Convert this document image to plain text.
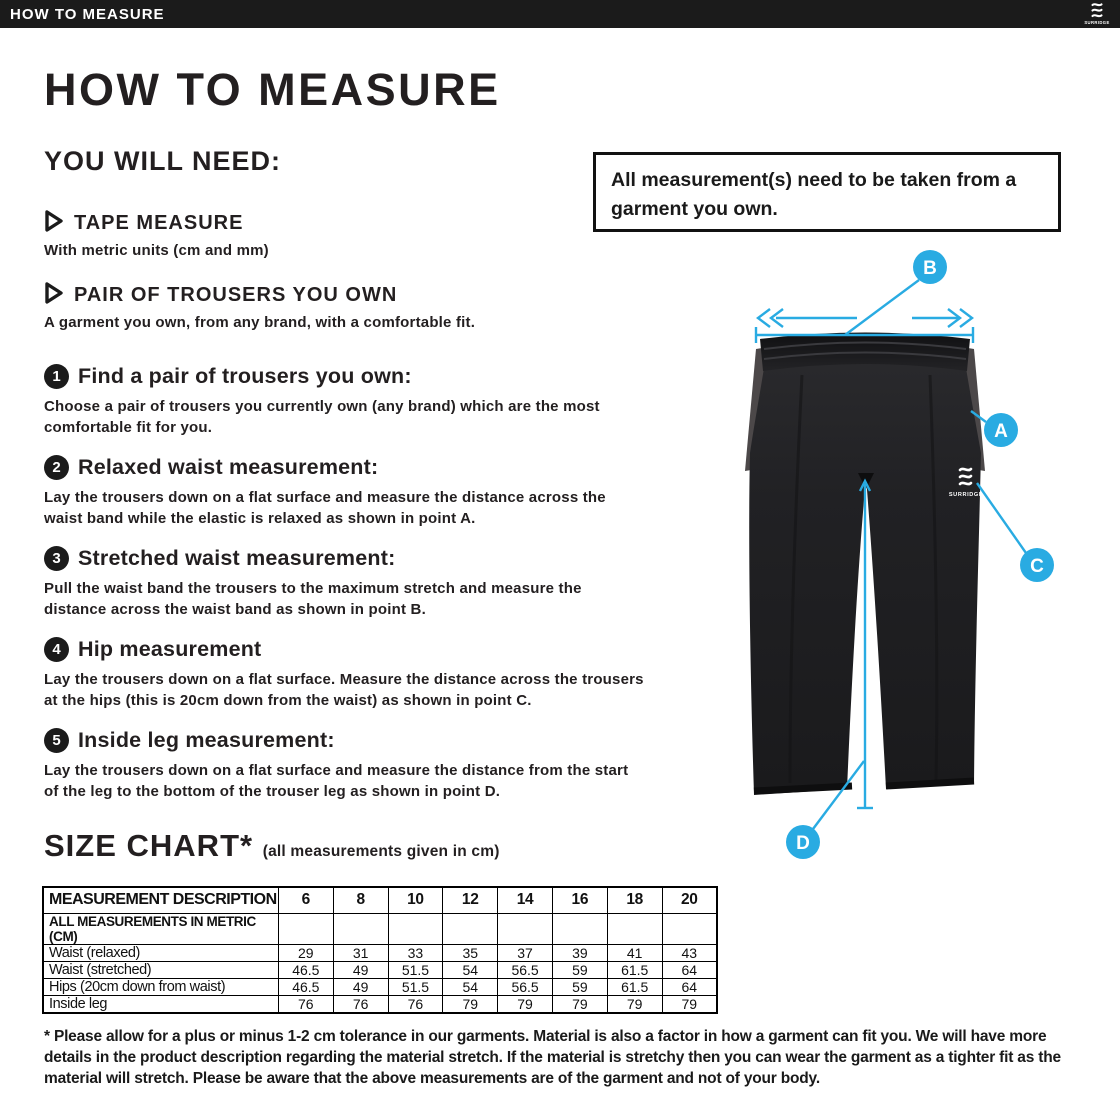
HOW TO MEASURE	SURRIDGE
HOW TO MEASURE
YOU WILL NEED:
TAPE MEASURE
With metric units (cm and mm)
PAIR OF TROUSERS YOU OWN
A garment you own, from any brand, with a comfortable fit.
All measurement(s) need to be taken from a garment you own.
1 Find a pair of trousers you own:
Choose a pair of trousers you currently own (any brand) which are the most comfortable fit for you.
2 Relaxed waist measurement:
Lay the trousers down on a flat surface and measure the distance across the waist band while the elastic is relaxed as shown in point A.
3 Stretched waist measurement:
Pull the waist band the trousers to the maximum stretch and measure the distance across the waist band as shown in point B.
4 Hip measurement
Lay the trousers down on a flat surface. Measure the distance across the trousers at the hips (this is 20cm down from the waist) as shown in point C.
5 Inside leg measurement:
Lay the trousers down on a flat surface and measure the distance from the start of the leg to the bottom of the trouser leg as shown in point D.
SURRIDGE
B
A
C
D
SIZE CHART* (all measurements given in cm)
MEASUREMENT DESCRIPTION	6	8	10	12	14	16	18	20
ALL MEASUREMENTS IN METRIC (CM)								
Waist (relaxed)	29	31	33	35	37	39	41	43
Waist (stretched)	46.5	49	51.5	54	56.5	59	61.5	64
Hips (20cm down from waist)	46.5	49	51.5	54	56.5	59	61.5	64
Inside leg	76	76	76	79	79	79	79	79
* Please allow for a plus or minus 1-2 cm tolerance in our garments. Material is also a factor in how a garment can fit you. We will have more details in the product description regarding the material stretch. If the material is stretchy then you can wear the garment as a tighter fit as the material will stretch. Please be aware that the above measurements are of the garment and not of your body.
